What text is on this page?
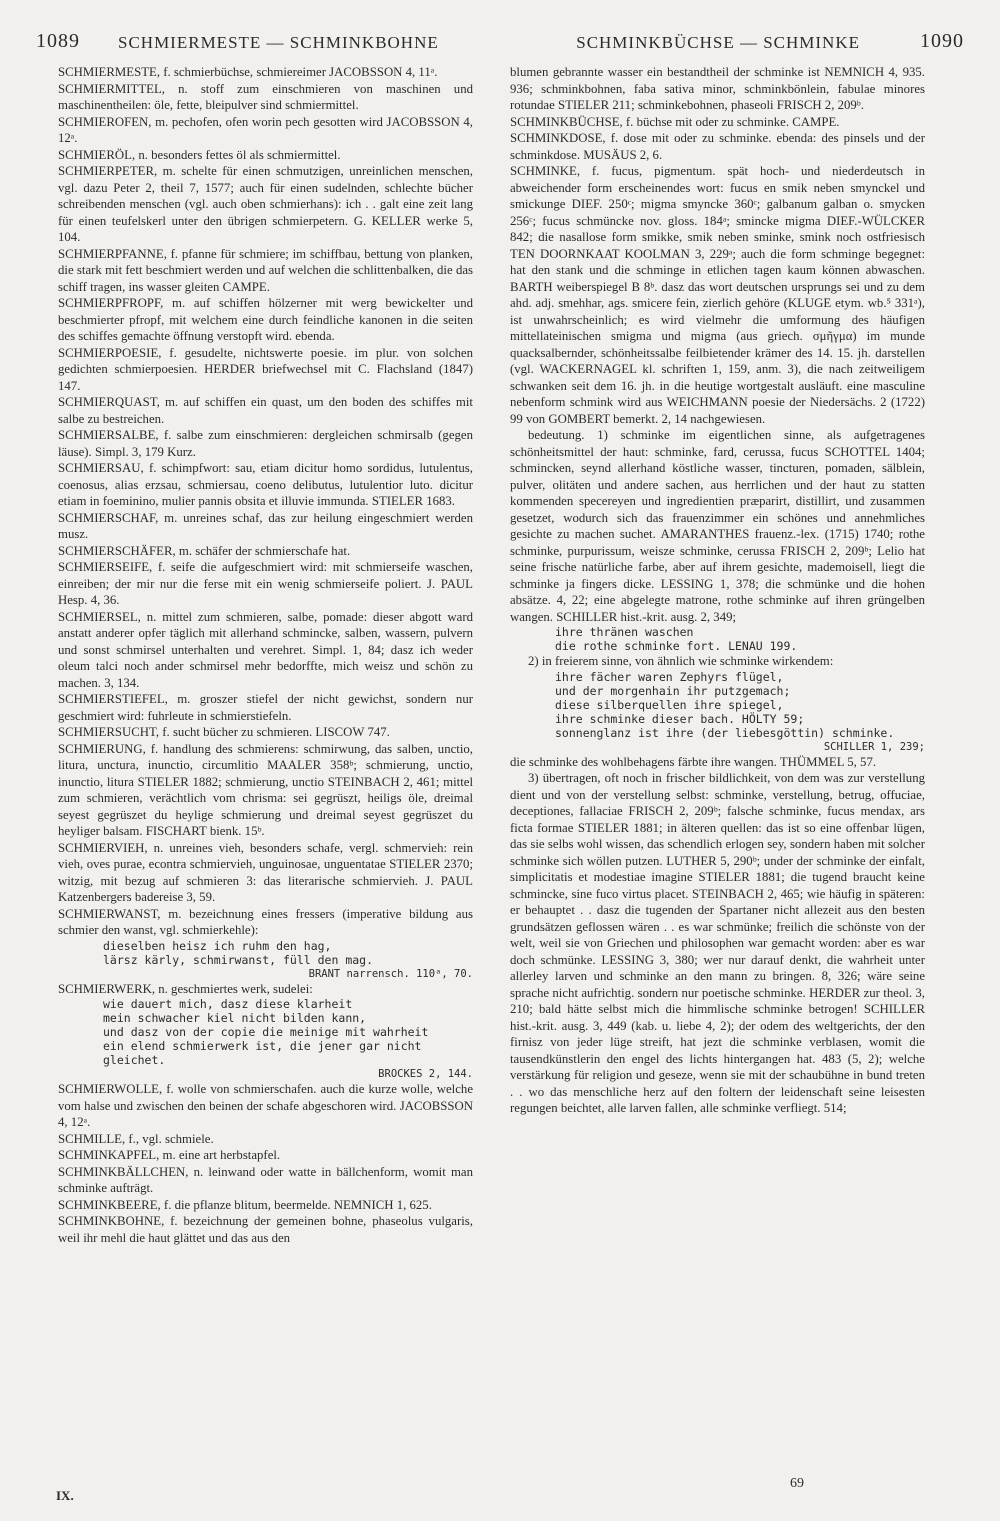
1089 SCHMIERMESTE — SCHMINKBOHNE	SCHMINKBÜCHSE — SCHMINKE	1090

SCHMIERMESTE, f. schmierbüchse, schmiereimer JACOBSSON 4, 11ᵃ.

SCHMIERMITTEL, n. stoff zum einschmieren von maschinen und maschinentheilen: öle, fette, bleipulver sind schmiermittel.

SCHMIEROFEN, m. pechofen, ofen worin pech gesotten wird JACOBSSON 4, 12ᵃ.

SCHMIERÖL, n. besonders fettes öl als schmiermittel.

SCHMIERPETER, m. schelte für einen schmutzigen, unreinlichen menschen, vgl. dazu Peter 2, theil 7, 1577; auch für einen sudelnden, schlechte bücher schreibenden menschen (vgl. auch oben schmierhans): ich . . galt eine zeit lang für einen teufelskerl unter den übrigen schmierpetern. G. KELLER werke 5, 104.

SCHMIERPFANNE, f. pfanne für schmiere; im schiffbau, bettung von planken, die stark mit fett beschmiert werden und auf welchen die schlittenbalken, die das schiff tragen, ins wasser gleiten CAMPE.

SCHMIERPFROPF, m. auf schiffen hölzerner mit werg bewickelter und beschmierter pfropf, mit welchem eine durch feindliche kanonen in die seiten des schiffes gemachte öffnung verstopft wird. ebenda.

SCHMIERPOESIE, f. gesudelte, nichtswerte poesie. im plur. von solchen gedichten schmierpoesien. HERDER briefwechsel mit C. Flachsland (1847) 147.

SCHMIERQUAST, m. auf schiffen ein quast, um den boden des schiffes mit salbe zu bestreichen.

SCHMIERSALBE, f. salbe zum einschmieren: dergleichen schmirsalb (gegen läuse). Simpl. 3, 179 Kurz.

SCHMIERSAU, f. schimpfwort: sau, etiam dicitur homo sordidus, lutulentus, coenosus, alias erzsau, schmiersau, coeno delibutus, lutulentior luto. dicitur etiam in foeminino, mulier pannis obsita et illuvie immunda. STIELER 1683.

SCHMIERSCHAF, m. unreines schaf, das zur heilung eingeschmiert werden musz.

SCHMIERSCHÄFER, m. schäfer der schmierschafe hat.

SCHMIERSEIFE, f. seife die aufgeschmiert wird: mit schmierseife waschen, einreiben; der mir nur die ferse mit ein wenig schmierseife poliert. J. PAUL Hesp. 4, 36.

SCHMIERSEL, n. mittel zum schmieren, salbe, pomade: dieser abgott ward anstatt anderer opfer täglich mit allerhand schmincke, salben, wassern, pulvern und sonst schmirsel unterhalten und verehret. Simpl. 1, 84; dasz ich weder oleum talci noch ander schmirsel mehr bedorffte, mich weisz und schön zu machen. 3, 134.

SCHMIERSTIEFEL, m. groszer stiefel der nicht gewichst, sondern nur geschmiert wird: fuhrleute in schmierstiefeln.

SCHMIERSUCHT, f. sucht bücher zu schmieren. LISCOW 747.

SCHMIERUNG, f. handlung des schmierens: schmirwung, das salben, unctio, litura, unctura, inunctio, circumlitio MAALER 358ᵇ; schmierung, unctio, inunctio, litura STIELER 1882; schmierung, unctio STEINBACH 2, 461; mittel zum schmieren, verächtlich vom chrisma: sei gegrüszt, heiligs öle, dreimal seyest gegrüszet du heylige schmierung und dreimal seyest gegrüszet du heyliger balsam. FISCHART bienk. 15ᵇ.

SCHMIERVIEH, n. unreines vieh, besonders schafe, vergl. schmervieh: rein vieh, oves purae, econtra schmiervieh, unguinosae, unguentatae STIELER 2370; witzig, mit bezug auf schmieren 3: das literarische schmiervieh. J. PAUL Katzenbergers badereise 3, 59.

SCHMIERWANST, m. bezeichnung eines fressers (imperative bildung aus schmier den wanst, vgl. schmierkehle):

dieselben heisz ich ruhm den hag,

lärsz kärly, schmirwanst, füll den mag.

BRANT narrensch. 110ᵃ, 70.

SCHMIERWERK, n. geschmiertes werk, sudelei:

wie dauert mich, dasz diese klarheit

mein schwacher kiel nicht bilden kann,

und dasz von der copie die meinige mit wahrheit

ein elend schmierwerk ist, die jener gar nicht gleichet.

BROCKES 2, 144.

SCHMIERWOLLE, f. wolle von schmierschafen. auch die kurze wolle, welche vom halse und zwischen den beinen der schafe abgeschoren wird. JACOBSSON 4, 12ᵃ.

SCHMILLE, f., vgl. schmiele.

SCHMINKAPFEL, m. eine art herbstapfel.

SCHMINKBÄLLCHEN, n. leinwand oder watte in bällchenform, womit man schminke aufträgt.

SCHMINKBEERE, f. die pflanze blitum, beermelde. NEMNICH 1, 625.

SCHMINKBOHNE, f. bezeichnung der gemeinen bohne, phaseolus vulgaris, weil ihr mehl die haut glättet und das aus den

blumen gebrannte wasser ein bestandtheil der schminke ist NEMNICH 4, 935. 936; schminkbohnen, faba sativa minor, schminkbönlein, fabulae minores rotundae STIELER 211; schminkebohnen, phaseoli FRISCH 2, 209ᵇ.

SCHMINKBÜCHSE, f. büchse mit oder zu schminke. CAMPE.

SCHMINKDOSE, f. dose mit oder zu schminke. ebenda: des pinsels und der schminkdose. MUSÄUS 2, 6.

SCHMINKE, f. fucus, pigmentum. spät hoch- und niederdeutsch in abweichender form erscheinendes wort: fucus en smik neben smynckel und smickunge DIEF. 250ᶜ; migma smyncke 360ᶜ; galbanum galban o. smycken 256ᶜ; fucus schmüncke nov. gloss. 184ᵃ; smincke migma DIEF.-WÜLCKER 842; die nasallose form smikke, smik neben sminke, smink noch ostfriesisch TEN DOORNKAAT KOOLMAN 3, 229ᵃ; auch die form schminge begegnet: hat den stank und die schminge in etlichen tagen kaum können abwaschen. BARTH weiberspiegel B 8ᵇ. dasz das wort deutschen ursprungs sei und zu dem ahd. adj. smehhar, ags. smicere fein, zierlich gehöre (KLUGE etym. wb.⁵ 331ᵃ), ist unwahrscheinlich; es wird vielmehr die umformung des häufigen mittellateinischen smigma und migma (aus griech. σμῆγμα) im munde quacksalbernder, schönheitssalbe feilbietender krämer des 14. 15. jh. darstellen (vgl. WACKERNAGEL kl. schriften 1, 159, anm. 3), die nach zeitweiligem schwanken seit dem 16. jh. in die heutige wortgestalt ausläuft. eine masculine nebenform schmink wird aus WEICHMANN poesie der Niedersächs. 2 (1722) 99 von GOMBERT bemerkt. 2, 14 nachgewiesen.

bedeutung. 1) schminke im eigentlichen sinne, als aufgetragenes schönheitsmittel der haut: schminke, fard, cerussa, fucus SCHOTTEL 1404; schmincken, seynd allerhand köstliche wasser, tincturen, pomaden, sälblein, pulver, olitäten und andere sachen, aus herrlichen und der haut zu statten kommenden specereyen und ingredientien præparirt, distillirt, und zusammen gesetzet, wodurch sich das frauenzimmer ein schönes und annehmliches gesichte zu machen suchet. AMARANTHES frauenz.-lex. (1715) 1740; rothe schminke, purpurissum, weisze schminke, cerussa FRISCH 2, 209ᵇ; Lelio hat seine frische natürliche farbe, aber auf ihrem gesichte, mademoisell, liegt die schminke ja fingers dicke. LESSING 1, 378; die schmünke und die hohen absätze. 4, 22; eine abgelegte matrone, rothe schminke auf ihren grüngelben wangen. SCHILLER hist.-krit. ausg. 2, 349;

ihre thränen waschen

die rothe schminke fort. LENAU 199.

2) in freierem sinne, von ähnlich wie schminke wirkendem:

ihre fächer waren Zephyrs flügel,

und der morgenhain ihr putzgemach;

diese silberquellen ihre spiegel,

ihre schminke dieser bach. HÖLTY 59;

sonnenglanz ist ihre (der liebesgöttin) schminke.

SCHILLER 1, 239;

die schminke des wohlbehagens färbte ihre wangen. THÜMMEL 5, 57.

3) übertragen, oft noch in frischer bildlichkeit, von dem was zur verstellung dient und von der verstellung selbst: schminke, verstellung, betrug, offuciae, deceptiones, fallaciae FRISCH 2, 209ᵇ; falsche schminke, fucus mendax, ars ficta formae STIELER 1881; in älteren quellen: das ist so eine offenbar lügen, das sie selbs wohl wissen, das schendlich erlogen sey, sondern haben mit solcher schminke sich wöllen putzen. LUTHER 5, 290ᵇ; under der schminke der einfalt, simplicitatis et modestiae imagine STIELER 1881; die tugend braucht keine schmincke, sine fuco virtus placet. STEINBACH 2, 465; wie häufig in späteren: er behauptet . . dasz die tugenden der Spartaner nicht allezeit aus den besten grundsätzen geflossen wären . . es war schmünke; freilich die schönste von der welt, weil sie von Griechen und philosophen war gemacht worden: aber es war doch schmünke. LESSING 3, 380; wer nur darauf denkt, die wahrheit unter allerley larven und schminke an den mann zu bringen. 8, 326; wäre seine sprache nicht aufrichtig. sondern nur poetische schminke. HERDER zur theol. 3, 210; bald hätte selbst mich die himmlische schminke betrogen! SCHILLER hist.-krit. ausg. 3, 449 (kab. u. liebe 4, 2); der odem des weltgerichts, der den firnisz von jeder lüge streift, hat jezt die schminke verblasen, womit die tausendkünstlerin den engel des lichts hintergangen hat. 483 (5, 2); welche verstärkung für religion und geseze, wenn sie mit der schaubühne in bund treten . . wo das menschliche herz auf den foltern der leidenschaft seine leisesten regungen beichtet, alle larven fallen, alle schminke verfliegt. 514;

IX.
69
